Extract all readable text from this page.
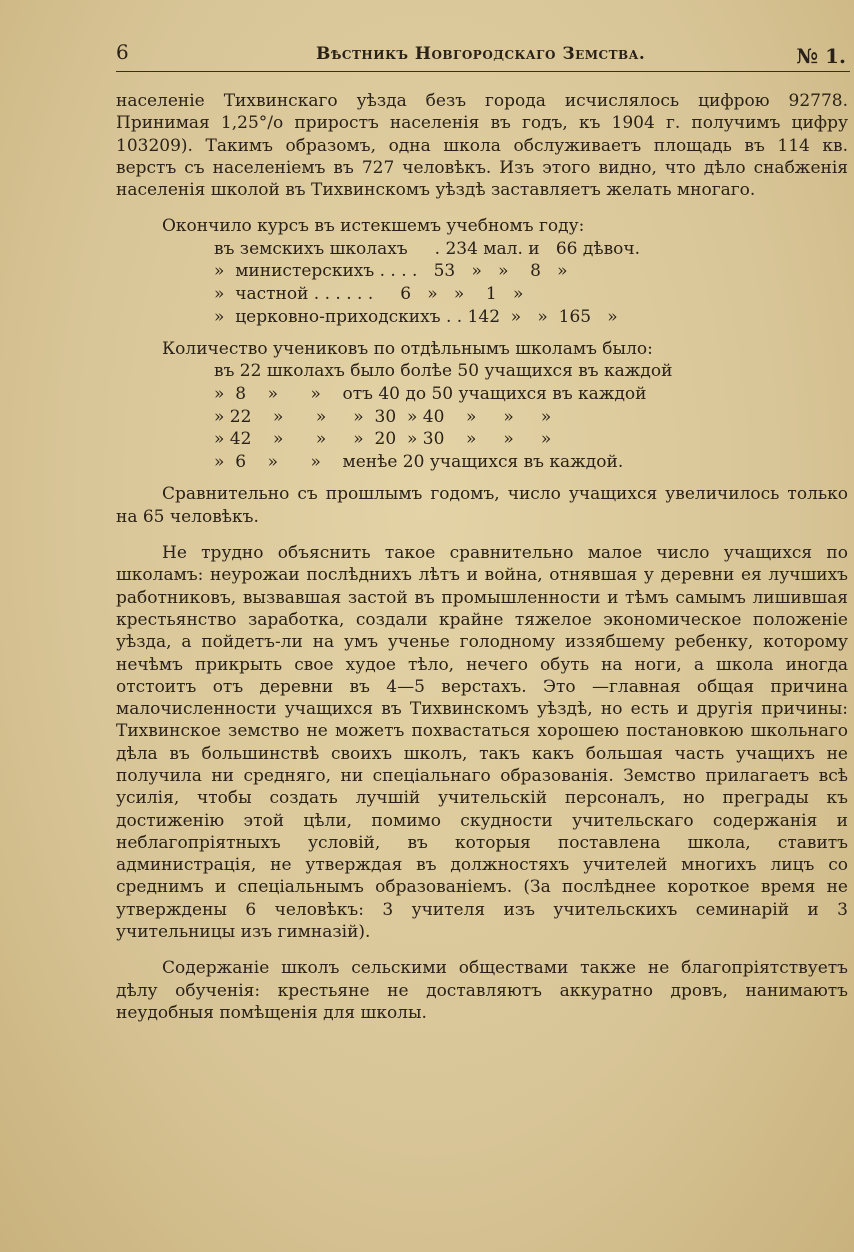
6	Вѣстникъ Новгородскаго Земства.	№ 1.

населеніе Тихвинскаго уѣзда безъ города исчислялось цифрою 92778. Принимая 1,25°/о приростъ населенія въ годъ, къ 1904 г. получимъ цифру 103209). Такимъ образомъ, одна школа обслуживаетъ площадь въ 114 кв. верстъ съ населеніемъ въ 727 человѣкъ. Изъ этого видно, что дѣло снабженія населенія школой въ Тихвинскомъ уѣздѣ заставляетъ желать многаго.

Окончило курсъ въ истекшемъ учебномъ году:

въ земскихъ школахъ     . 234 мал. и   66 дѣвоч.
»  министерскихъ . . . .   53   »   »    8   »
»  частной . . . . . .     6   »   »    1   »
»  церковно-приходскихъ . . 142  »   »  165   »

Количество учениковъ по отдѣльнымъ школамъ было:

въ 22 школахъ было болѣе 50 учащихся въ каждой
»  8    »      »    отъ 40 до 50 учащихся въ каждой
» 22    »      »     »  30  » 40    »     »     »
» 42    »      »     »  20  » 30    »     »     »
»  6    »      »    менѣе 20 учащихся въ каждой.

Сравнительно съ прошлымъ годомъ, число учащихся увеличилось только на 65 человѣкъ.

Не трудно объяснить такое сравнительно малое число учащихся по школамъ: неурожаи послѣднихъ лѣтъ и война, отнявшая у деревни ея лучшихъ работниковъ, вызвавшая застой въ промышленности и тѣмъ самымъ лишившая крестьянство заработка, создали крайне тяжелое экономическое положеніе уѣзда, а пойдетъ-ли на умъ ученье голодному иззябшему ребенку, которому нечѣмъ прикрыть свое худое тѣло, нечего обуть на ноги, а школа иногда отстоитъ отъ деревни въ 4—5 верстахъ. Это —главная общая причина малочисленности учащихся въ Тихвинскомъ уѣздѣ, но есть и другія причины: Тихвинское земство не можетъ похвастаться хорошею постановкою школьнаго дѣла въ большинствѣ своихъ школъ, такъ какъ большая часть учащихъ не получила ни средняго, ни спеціальнаго образованія. Земство прилагаетъ всѣ усилія, чтобы создать лучшій учительскій персоналъ, но преграды къ достиженію этой цѣли, помимо скудности учительскаго содержанія и неблагопріятныхъ условій, въ которыя поставлена школа, ставитъ администрація, не утверждая въ должностяхъ учителей многихъ лицъ со среднимъ и спеціальнымъ образованіемъ. (За послѣднее короткое время не утверждены 6 человѣкъ: 3 учителя изъ учительскихъ семинарій и 3 учительницы изъ гимназій).

Содержаніе школъ сельскими обществами также не благопріятствуетъ дѣлу обученія: крестьяне не доставляютъ аккуратно дровъ, нанимаютъ неудобныя помѣщенія для школы.
